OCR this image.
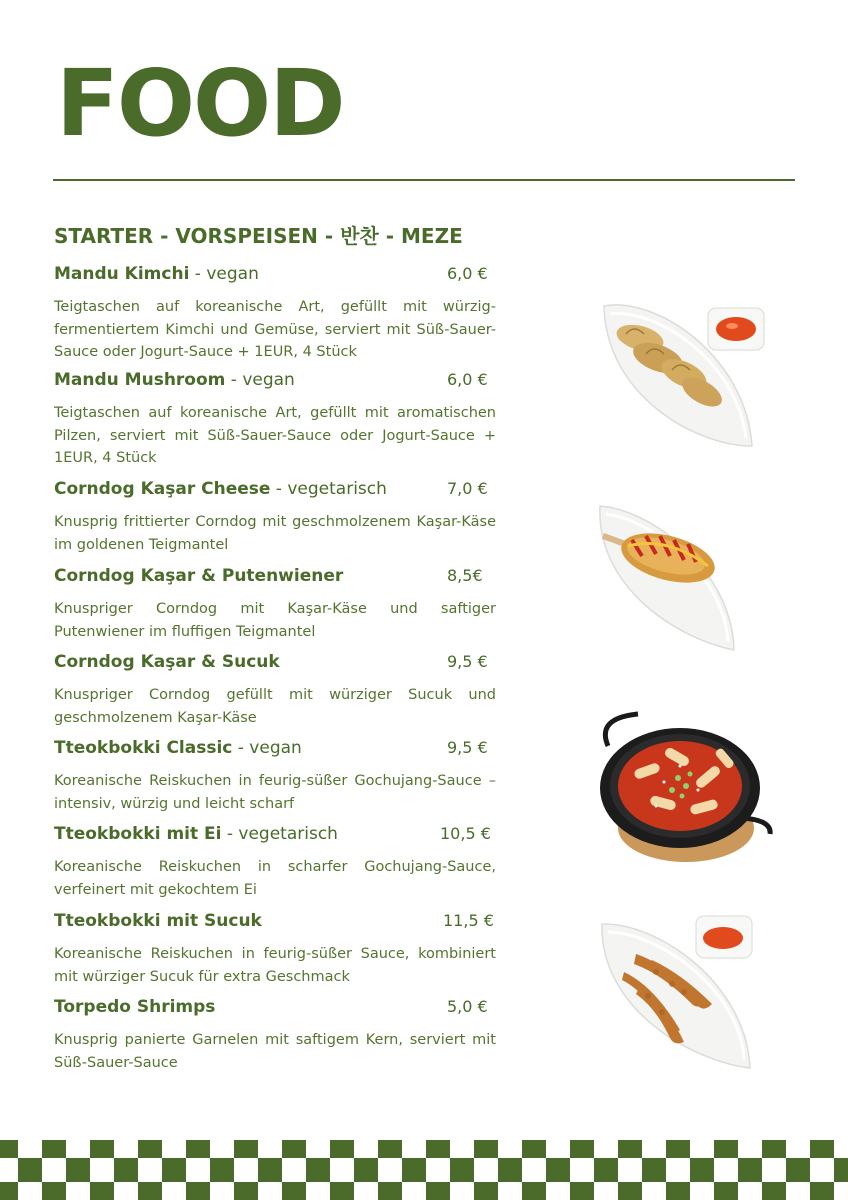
FOOD
STARTER - VORSPEISEN - 반찬 - MEZE
Mandu Kimchi - vegan	6,0 €
Teigtaschen auf koreanische Art, gefüllt mit würzig-fermentiertem Kimchi und Gemüse, serviert mit Süß-Sauer-Sauce oder Jogurt-Sauce + 1EUR, 4 Stück
Mandu Mushroom - vegan	6,0 €
Teigtaschen auf koreanische Art, gefüllt mit aromatischen Pilzen, serviert mit Süß-Sauer-Sauce oder Jogurt-Sauce + 1EUR, 4 Stück
Corndog Kaşar Cheese - vegetarisch	7,0 €
Knusprig frittierter Corndog mit geschmolzenem Kaşar-Käse im goldenen Teigmantel
Corndog Kaşar & Putenwiener	8,5€
Knuspriger Corndog mit Kaşar-Käse und saftiger Putenwiener im fluffigen Teigmantel
Corndog Kaşar & Sucuk	9,5 €
Knuspriger Corndog gefüllt mit würziger Sucuk und geschmolzenem Kaşar-Käse
Tteokbokki Classic - vegan	9,5 €
Koreanische Reiskuchen in feurig-süßer Gochujang-Sauce – intensiv, würzig und leicht scharf
Tteokbokki mit Ei - vegetarisch	10,5 €
Koreanische Reiskuchen in scharfer Gochujang-Sauce, verfeinert mit gekochtem Ei
Tteokbokki mit Sucuk	11,5 €
Koreanische Reiskuchen in feurig-süßer Sauce, kombiniert mit würziger Sucuk für extra Geschmack
Torpedo Shrimps	5,0 €
Knusprig panierte Garnelen mit saftigem Kern, serviert mit Süß-Sauer-Sauce
